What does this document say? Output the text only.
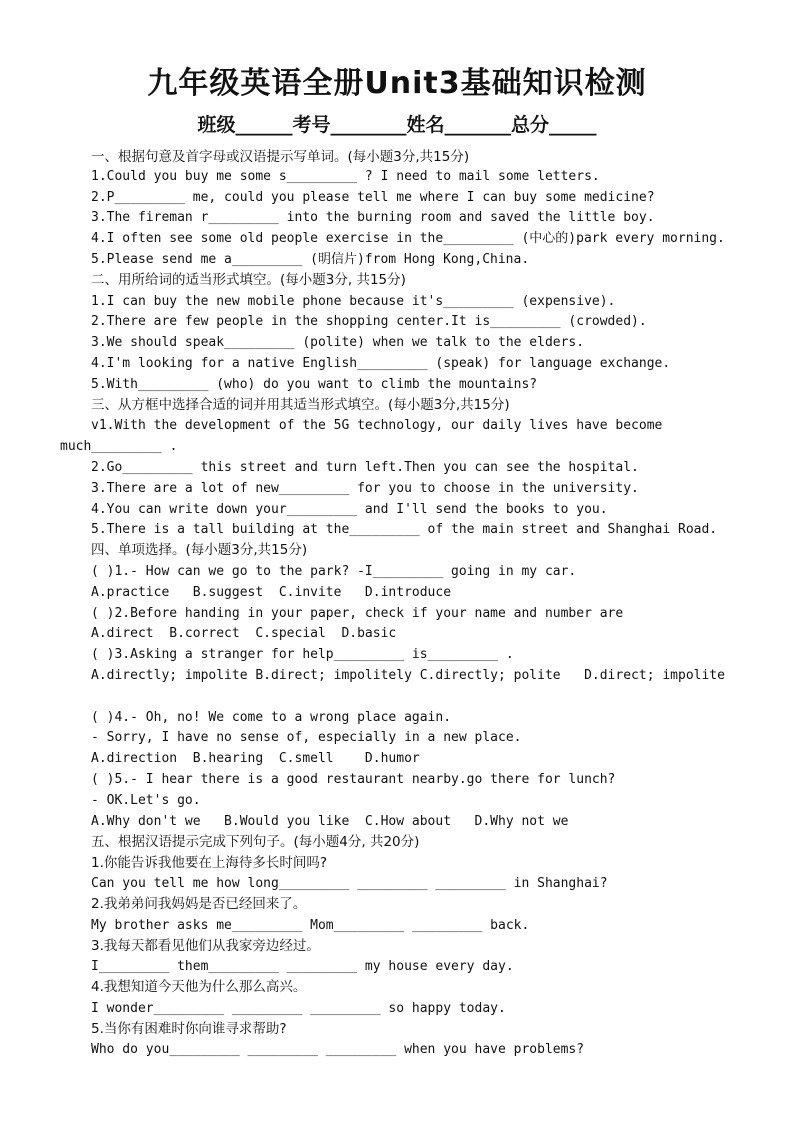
九年级英语全册Unit3基础知识检测
班级______考号________姓名_______总分_____
一、根据句意及首字母或汉语提示写单词。(每小题3分,共15分)
1.Could you buy me some s_________ ? I need to mail some letters.
2.P_________ me, could you please tell me where I can buy some medicine?
3.The fireman r_________ into the burning room and saved the little boy.
4.I often see some old people exercise in the_________ (中心的)park every morning.
5.Please send me a_________ (明信片)from Hong Kong,China.
二、用所给词的适当形式填空。(每小题3分, 共15分)
1.I can buy the new mobile phone because it's_________ (expensive).
2.There are few people in the shopping center.It is_________ (crowded).
3.We should speak_________ (polite) when we talk to the elders.
4.I'm looking for a native English_________ (speak) for language exchange.
5.With_________ (who) do you want to climb the mountains?
三、从方框中选择合适的词并用其适当形式填空。(每小题3分,共15分)
v1.With the development of the 5G technology, our daily lives have become
much_________ .
2.Go_________ this street and turn left.Then you can see the hospital.
3.There are a lot of new_________ for you to choose in the university.
4.You can write down your_________ and I'll send the books to you.
5.There is a tall building at the_________ of the main street and Shanghai Road.
四、单项选择。(每小题3分,共15分)
( )1.- How can we go to the park? -I_________ going in my car.
A.practice   B.suggest  C.invite   D.introduce
( )2.Before handing in your paper, check if your name and number are
A.direct  B.correct  C.special  D.basic
( )3.Asking a stranger for help_________ is_________ .
A.directly; impolite B.direct; impolitely C.directly; polite   D.direct; impolite
( )4.- Oh, no! We come to a wrong place again.
- Sorry, I have no sense of, especially in a new place.
A.direction  B.hearing  C.smell    D.humor
( )5.- I hear there is a good restaurant nearby.go there for lunch?
- OK.Let's go.
A.Why don't we   B.Would you like  C.How about   D.Why not we
五、根据汉语提示完成下列句子。(每小题4分, 共20分)
1.你能告诉我他要在上海待多长时间吗?
Can you tell me how long_________ _________ _________ in Shanghai?
2.我弟弟问我妈妈是否已经回来了。
My brother asks me_________ Mom_________ _________ back.
3.我每天都看见他们从我家旁边经过。
I_________ them_________ _________ my house every day.
4.我想知道今天他为什么那么高兴。
I wonder_________ _________ _________ so happy today.
5.当你有困难时你向谁寻求帮助?
Who do you_________ _________ _________ when you have problems?
